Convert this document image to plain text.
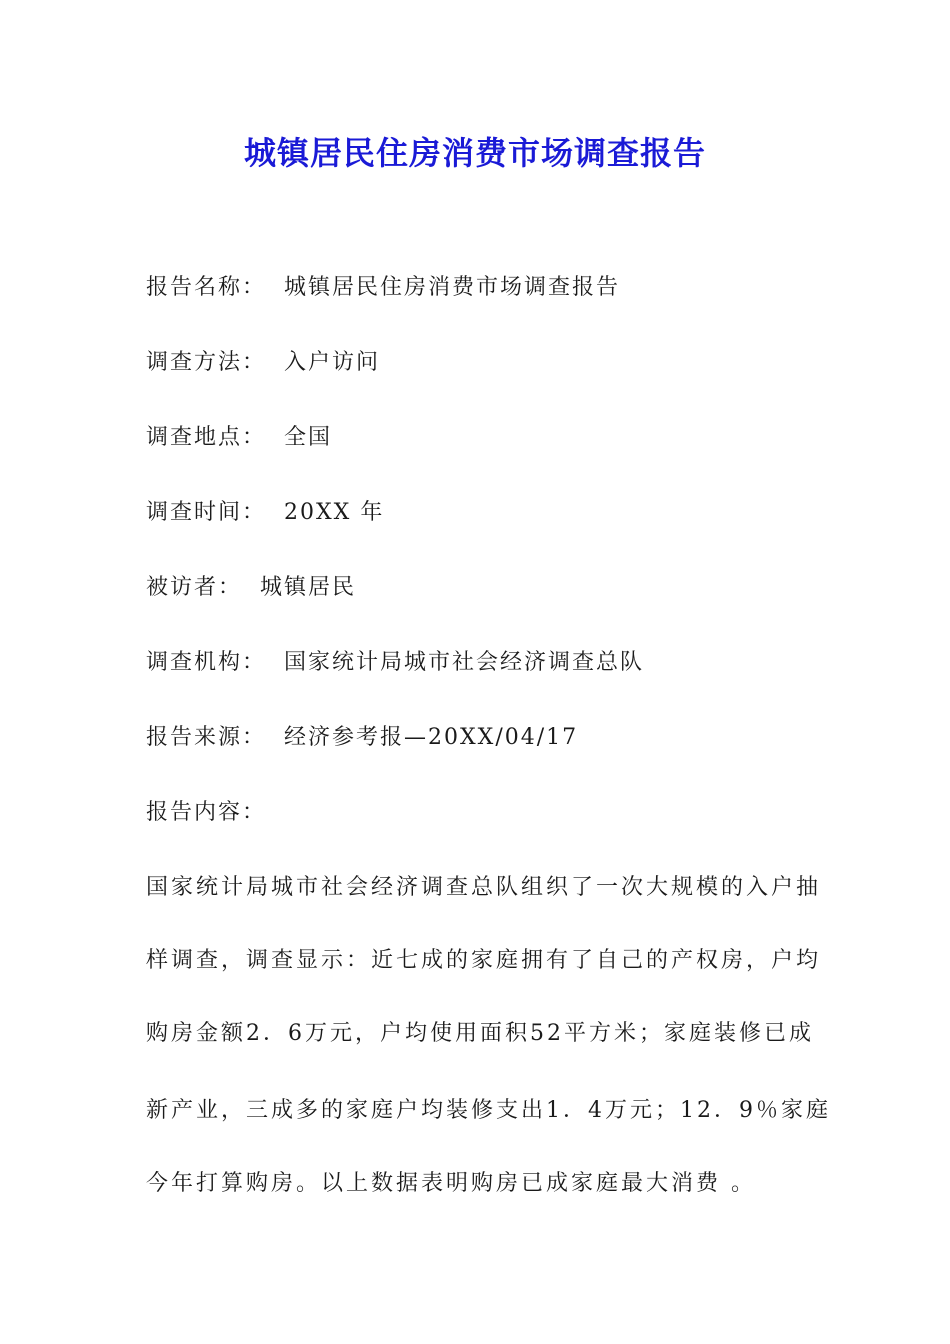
城镇居民住房消费市场调查报告
报告名称： 城镇居民住房消费市场调查报告
调查方法： 入户访问
调查地点： 全国
调查时间： 20XX 年
被访者： 城镇居民
调查机构： 国家统计局城市社会经济调查总队
报告来源： 经济参考报—20XX/04/17
报告内容：
国家统计局城市社会经济调查总队组织了一次大规模的入户抽
样调查，调查显示：近七成的家庭拥有了自己的产权房，户均
购房金额2．6万元，户均使用面积52平方米；家庭装修已成
新产业，三成多的家庭户均装修支出1．4万元；12．9％家庭
今年打算购房。以上数据表明购房已成家庭最大消费 。
